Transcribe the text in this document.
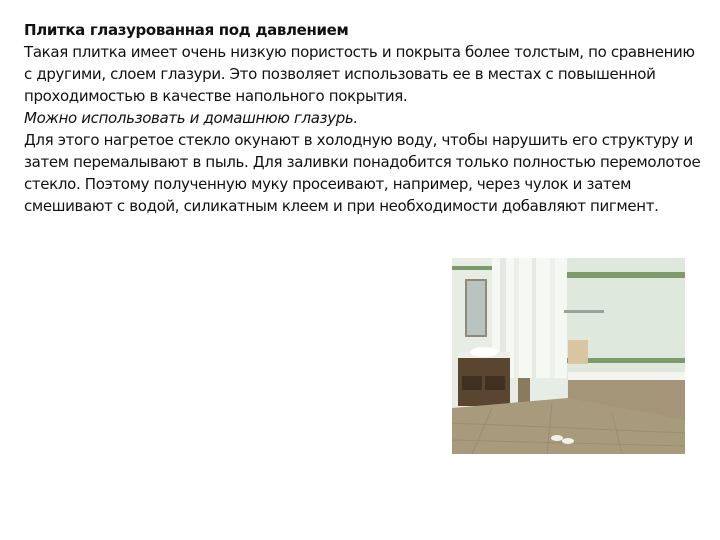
Плитка глазурованная под давлением

Такая плитка имеет очень низкую пористость и покрыта более толстым, по сравнению с другими, слоем глазури. Это позволяет использовать ее в местах с повышенной проходимостью в качестве напольного покрытия.

Можно использовать и домашнюю глазурь.

Для этого нагретое стекло окунают в холодную воду, чтобы нарушить его структуру и затем перемалывают в пыль. Для заливки понадобится только полностью перемолотое стекло. Поэтому полученную муку просеивают, например, через чулок и затем смешивают с водой, силикатным клеем и при необходимости добавляют пигмент.
